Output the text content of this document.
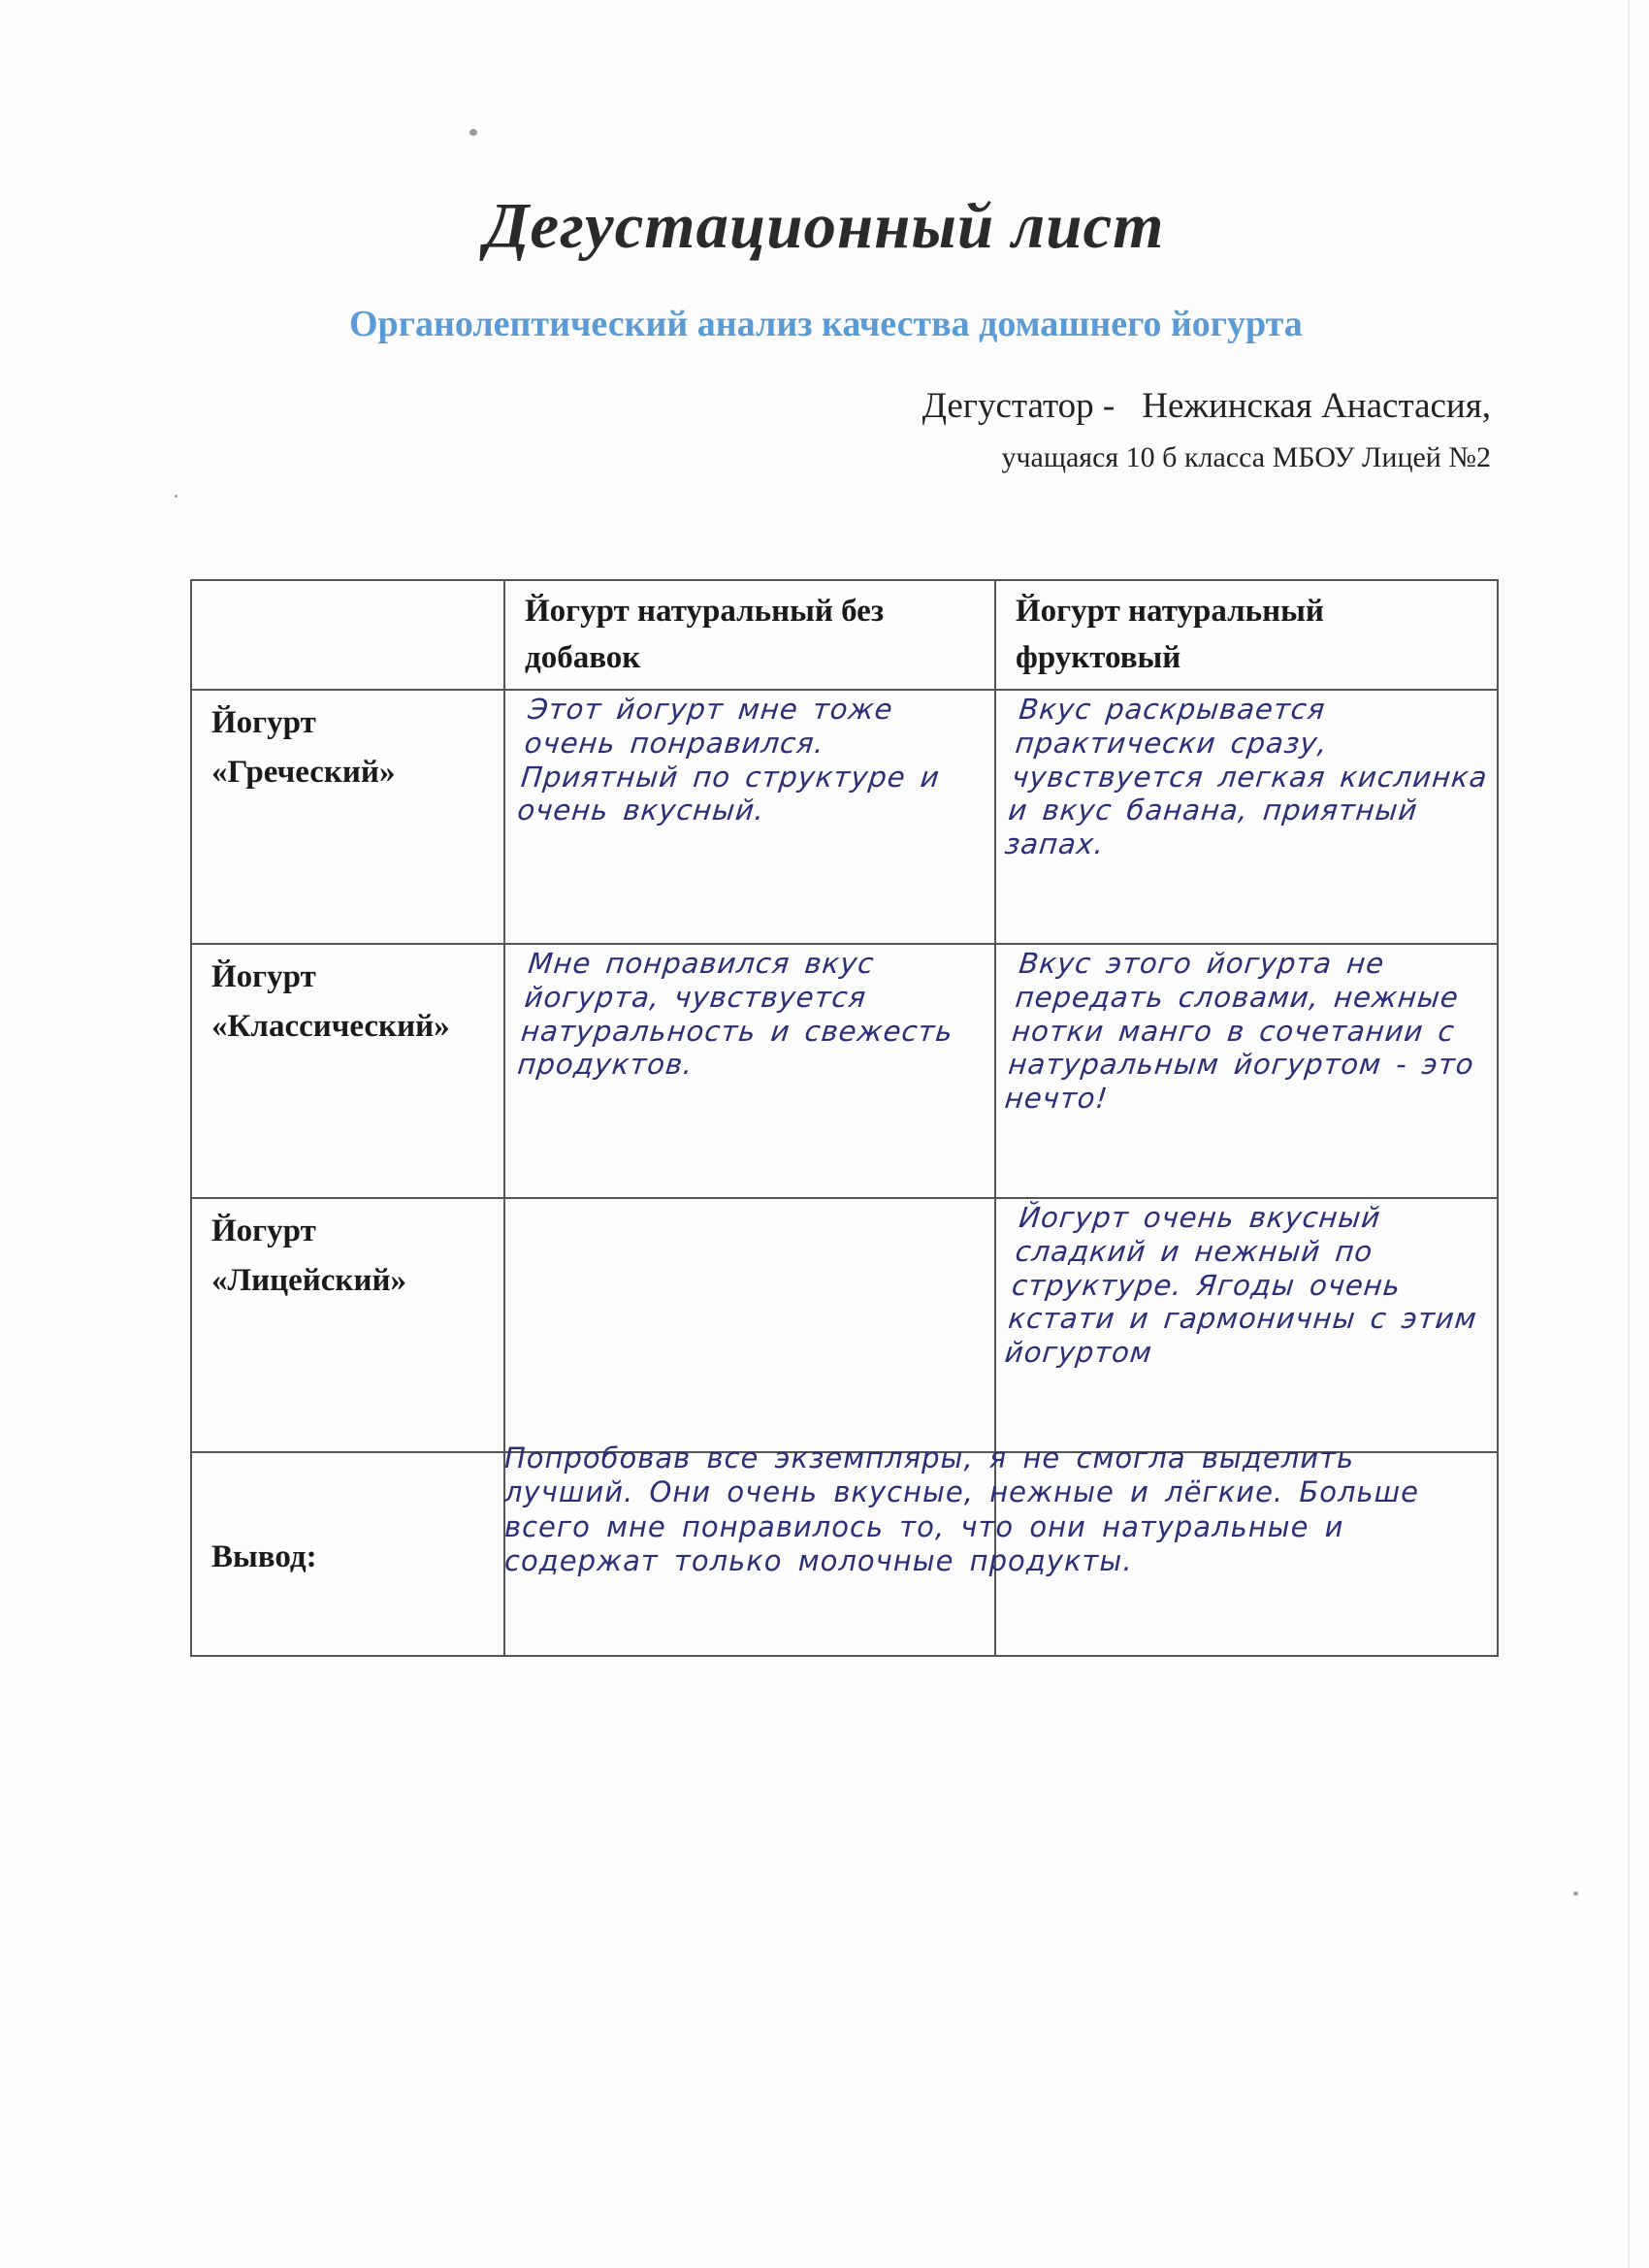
Дегустационный лист
Органолептический анализ качества домашнего йогурта
Дегустатор - Нежинская Анастасия,
учащаяся 10 б класса МБОУ Лицей №2
	Йогурт натуральный без добавок	Йогурт натуральный фруктовый

Йогурт
«Греческий»	Этот йогурт мне тоже очень понравился. Приятный по структуре и очень вкусный.	Вкус раскрывается практически сразу, чувствуется легкая кислинка и вкус банана, приятный запах.

Йогурт
«Классический»	Мне понравился вкус йогурта, чувствуется натуральность и свежесть продуктов.	Вкус этого йогурта не передать словами, нежные нотки манго в сочетании с натуральным йогуртом - это нечто!

Йогурт
«Лицейский»		Йогурт очень вкусный сладкий и нежный по структуре. Ягоды очень кстати и гармоничны с этим йогуртом
Вывод:		
Попробовав все экземпляры, я не смогла выделить лучший. Они очень вкусные, нежные и лёгкие. Больше всего мне понравилось то, что они натуральные и содержат только молочные продукты.
